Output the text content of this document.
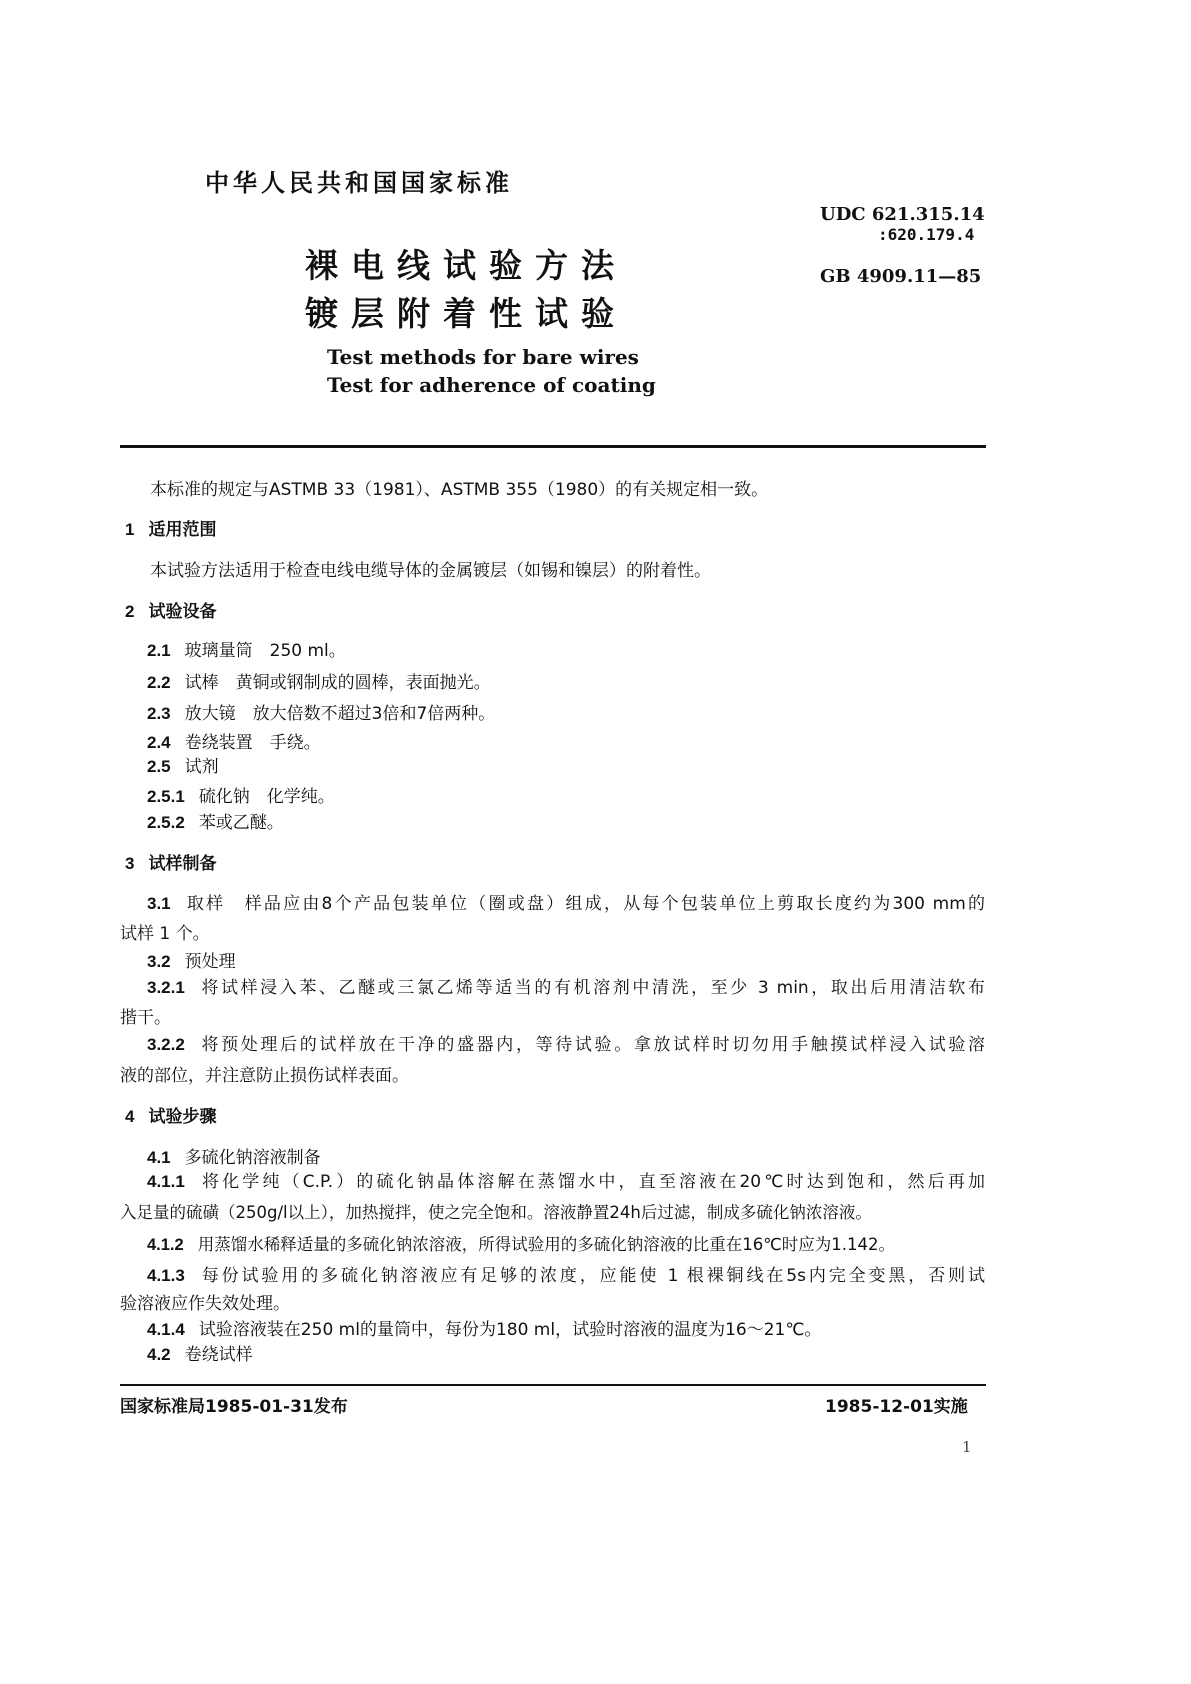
中华人民共和国国家标准
UDC 621.315.14
:620.179.4
GB 4909.11—85
裸电线试验方法
镀层附着性试验
Test methods for bare wires
Test for adherence of coating
本标准的规定与ASTMB 33（1981）、ASTMB 355（1980）的有关规定相一致。
1 适用范围
本试验方法适用于检查电线电缆导体的金属镀层（如锡和镍层）的附着性。
2 试验设备
2.1 玻璃量筒　250 ml。
2.2 试棒　黄铜或钢制成的圆棒，表面抛光。
2.3 放大镜　放大倍数不超过3倍和7倍两种。
2.4 卷绕装置　手绕。
2.5 试剂
2.5.1 硫化钠　化学纯。
2.5.2 苯或乙醚。
3 试样制备
3.1 取样　样品应由8个产品包装单位（圈或盘）组成，从每个包装单位上剪取长度约为300 mm的
试样 1 个。
3.2 预处理
3.2.1 将试样浸入苯、乙醚或三氯乙烯等适当的有机溶剂中清洗，至少 3 min，取出后用清洁软布
揩干。
3.2.2 将预处理后的试样放在干净的盛器内，等待试验。拿放试样时切勿用手触摸试样浸入试验溶
液的部位，并注意防止损伤试样表面。
4 试验步骤
4.1 多硫化钠溶液制备
4.1.1 将化学纯（C.P.）的硫化钠晶体溶解在蒸馏水中，直至溶液在20℃时达到饱和，然后再加
入足量的硫磺（250g/l以上），加热搅拌，使之完全饱和。溶液静置24h后过滤，制成多硫化钠浓溶液。
4.1.2 用蒸馏水稀释适量的多硫化钠浓溶液，所得试验用的多硫化钠溶液的比重在16℃时应为1.142。
4.1.3 每份试验用的多硫化钠溶液应有足够的浓度，应能使 1 根裸铜线在5s内完全变黑，否则试
验溶液应作失效处理。
4.1.4 试验溶液装在250 ml的量筒中，每份为180 ml，试验时溶液的温度为16～21℃。
4.2 卷绕试样
国家标准局1985-01-31发布	1985-12-01实施
1
